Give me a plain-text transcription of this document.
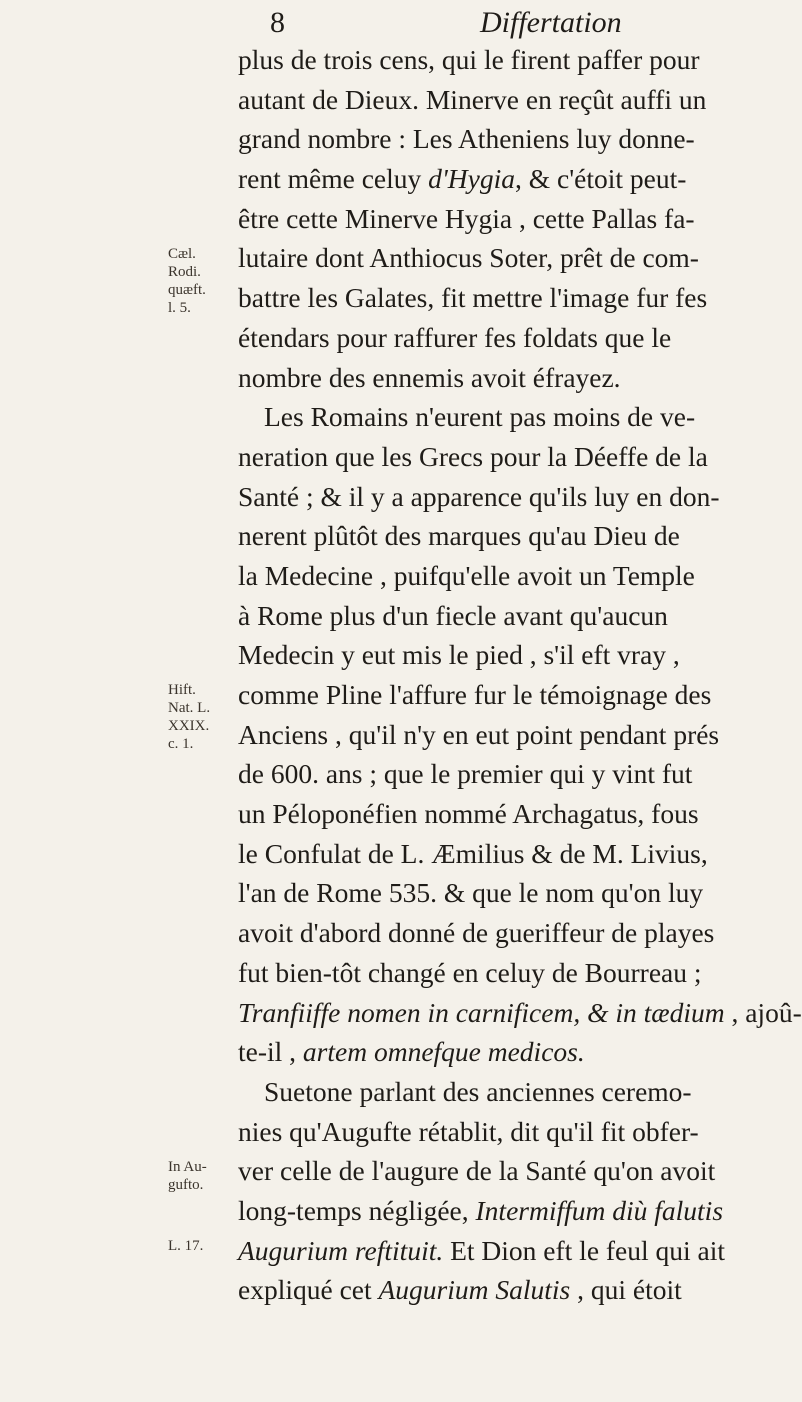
8	Differtation
plus de trois cens, qui le firent paffer pour
autant de Dieux. Minerve en reçût auffi un
grand nombre : Les Atheniens luy donne-
rent même celuy d'Hygia, & c'étoit peut-
être cette Minerve Hygia , cette Pallas fa-
lutaire dont Anthiocus Soter, prêt de com-
battre les Galates, fit mettre l'image fur fes
étendars pour raffurer fes foldats que le
nombre des ennemis avoit éfrayez.
Les Romains n'eurent pas moins de ve-
neration que les Grecs pour la Déeffe de la
Santé ; & il y a apparence qu'ils luy en don-
nerent plûtôt des marques qu'au Dieu de
la Medecine , puifqu'elle avoit un Temple
à Rome plus d'un fiecle avant qu'aucun
Medecin y eut mis le pied , s'il eft vray ,
comme Pline l'affure fur le témoignage des
Anciens , qu'il n'y en eut point pendant prés
de 600. ans ; que le premier qui y vint fut
un Péloponéfien nommé Archagatus, fous
le Confulat de L. Æmilius & de M. Livius,
l'an de Rome 535. & que le nom qu'on luy
avoit d'abord donné de gueriffeur de playes
fut bien-tôt changé en celuy de Bourreau ;
Tranfiiffe nomen in carnificem, & in tædium , ajoû-
te-il , artem omnefque medicos.
Suetone parlant des anciennes ceremo-
nies qu'Augufte rétablit, dit qu'il fit obfer-
ver celle de l'augure de la Santé qu'on avoit
long-temps négligée, Intermiffum diù falutis
Augurium reftituit. Et Dion eft le feul qui ait
expliqué cet Augurium Salutis , qui étoit
Cæl.
Rodi.
quæft.
l. 5.
Hift.
Nat. L.
XXIX.
c. 1.
In Au-
gufto.
L. 17.
